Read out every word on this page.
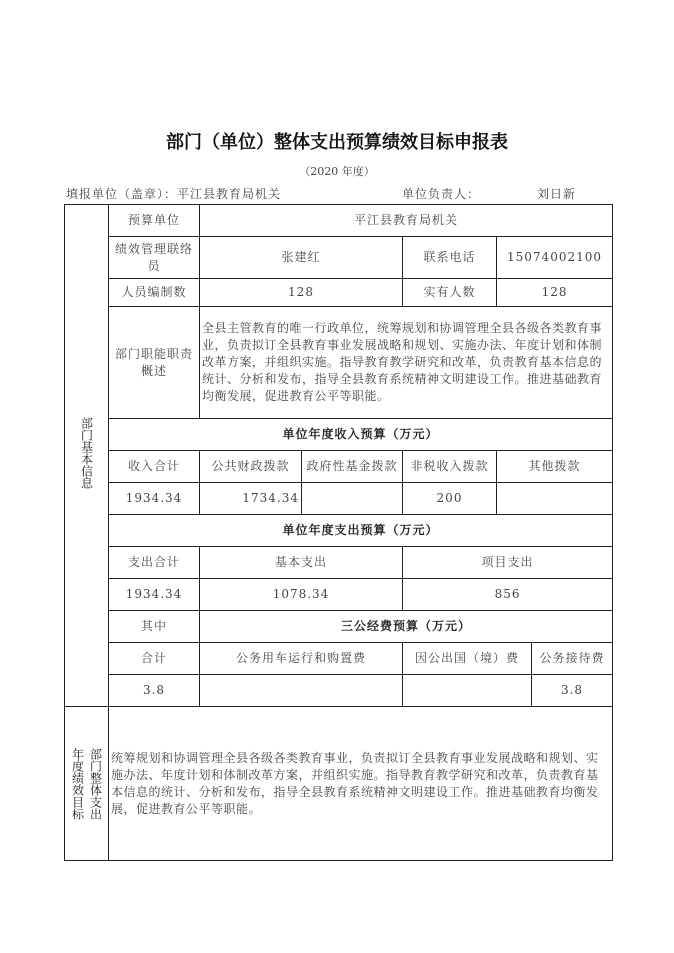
部门（单位）整体支出预算绩效目标申报表
（2020 年度）
填报单位（盖章）：平江县教育局机关	单位负责人：	刘日新
部门基本信息	预算单位	平江县教育局机关				
	绩效管理联络员	张建红		联系电话	15074002100	
	人员编制数	128		实有人数	128	
	部门职能职责概述	全县主管教育的唯一行政单位，统筹规划和协调管理全县各级各类教育事业，负责拟订全县教育事业发展战略和规划、实施办法、年度计划和体制改革方案，并组织实施。指导教育教学研究和改革，负责教育基本信息的统计、分析和发布，指导全县教育系统精神文明建设工作。推进基础教育均衡发展，促进教育公平等职能。				
	单位年度收入预算（万元）					
	收入合计	公共财政拨款	政府性基金拨款	非税收入拨款	其他拨款	
	1934.34	1734.34		200		
	单位年度支出预算（万元）					
	支出合计	基本支出		项目支出		
	1934.34	1078.34		856		
	其中	三公经费预算（万元）				
	合计	公务用车运行和购置费		因公出国（境）费		公务接待费
	3.8					3.8

部门整体支出
年度绩效目标	统筹规划和协调管理全县各级各类教育事业，负责拟订全县教育事业发展战略和规划、实施办法、年度计划和体制改革方案，并组织实施。指导教育教学研究和改革，负责教育基本信息的统计、分析和发布，指导全县教育系统精神文明建设工作。推进基础教育均衡发展，促进教育公平等职能。					
